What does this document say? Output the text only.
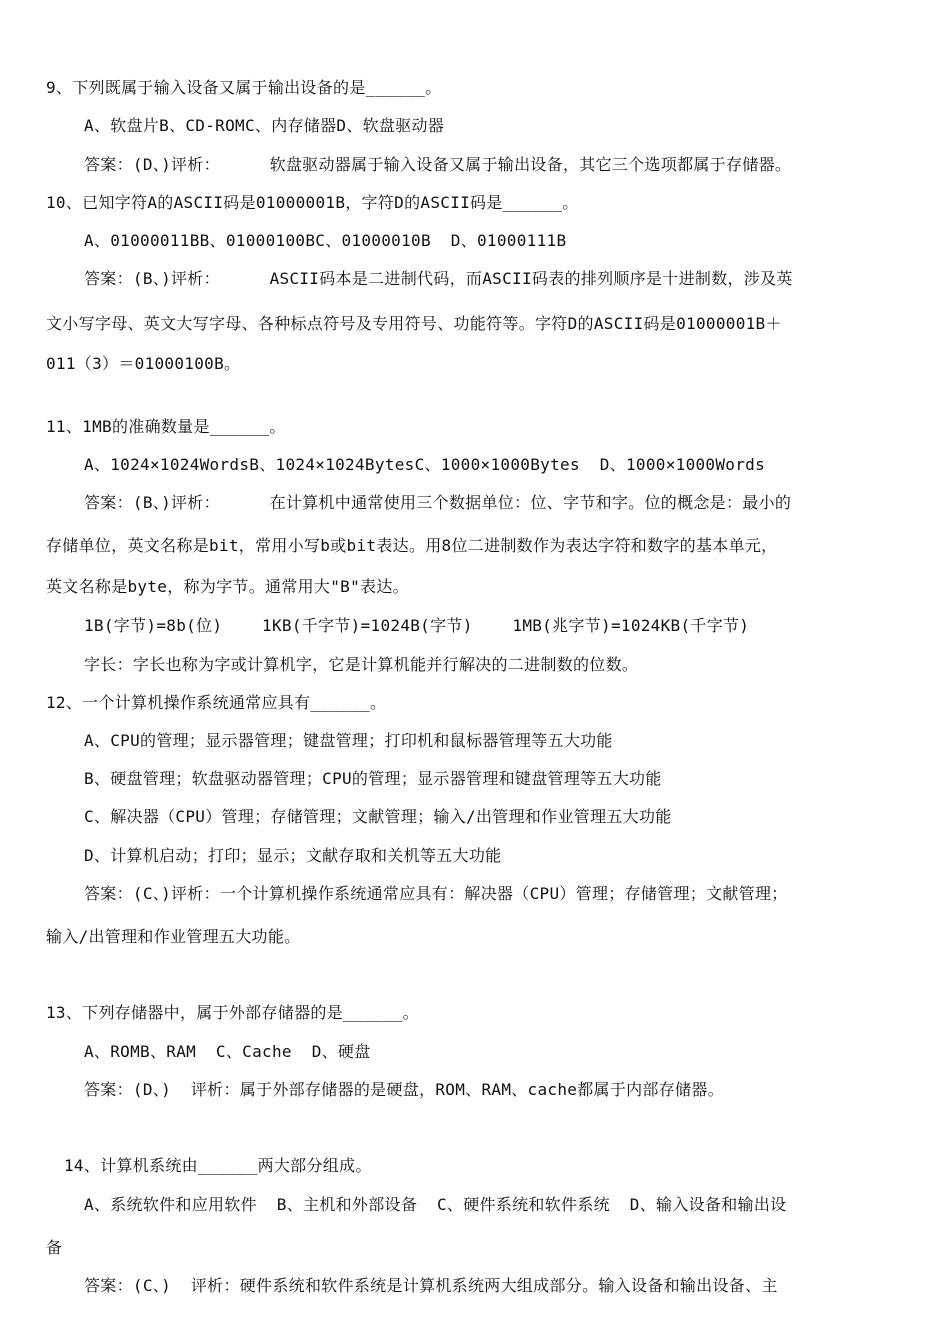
9、下列既属于输入设备又属于输出设备的是______。
A、软盘片B、CD-ROMC、内存储器D、软盘驱动器
答案：(D、)评析：     软盘驱动器属于输入设备又属于输出设备，其它三个选项都属于存储器。
10、已知字符A的ASCII码是01000001B，字符D的ASCII码是______。
A、01000011BB、01000100BC、01000010B  D、01000111B
答案：(B、)评析：     ASCII码本是二进制代码，而ASCII码表的排列顺序是十进制数，涉及英
文小写字母、英文大写字母、各种标点符号及专用符号、功能符等。字符D的ASCII码是01000001B＋
011（3）＝01000100B。
11、1MB的准确数量是______。
A、1024×1024WordsB、1024×1024BytesC、1000×1000Bytes  D、1000×1000Words
答案：(B、)评析：     在计算机中通常使用三个数据单位：位、字节和字。位的概念是：最小的
存储单位，英文名称是bit，常用小写b或bit表达。用8位二进制数作为表达字符和数字的基本单元，
英文名称是byte，称为字节。通常用大"B"表达。
1B(字节)=8b(位)    1KB(千字节)=1024B(字节)    1MB(兆字节)=1024KB(千字节)
字长：字长也称为字或计算机字，它是计算机能并行解决的二进制数的位数。
12、一个计算机操作系统通常应具有______。
A、CPU的管理；显示器管理；键盘管理；打印机和鼠标器管理等五大功能
B、硬盘管理；软盘驱动器管理；CPU的管理；显示器管理和键盘管理等五大功能
C、解决器（CPU）管理；存储管理；文献管理；输入/出管理和作业管理五大功能
D、计算机启动；打印；显示；文献存取和关机等五大功能
答案：(C、)评析：一个计算机操作系统通常应具有：解决器（CPU）管理；存储管理；文献管理；
输入/出管理和作业管理五大功能。
13、下列存储器中，属于外部存储器的是______。
A、ROMB、RAM  C、Cache  D、硬盘
答案：(D、)  评析：属于外部存储器的是硬盘，ROM、RAM、cache都属于内部存储器。
14、计算机系统由______两大部分组成。
A、系统软件和应用软件  B、主机和外部设备  C、硬件系统和软件系统  D、输入设备和输出设
备
答案：(C、)  评析：硬件系统和软件系统是计算机系统两大组成部分。输入设备和输出设备、主
